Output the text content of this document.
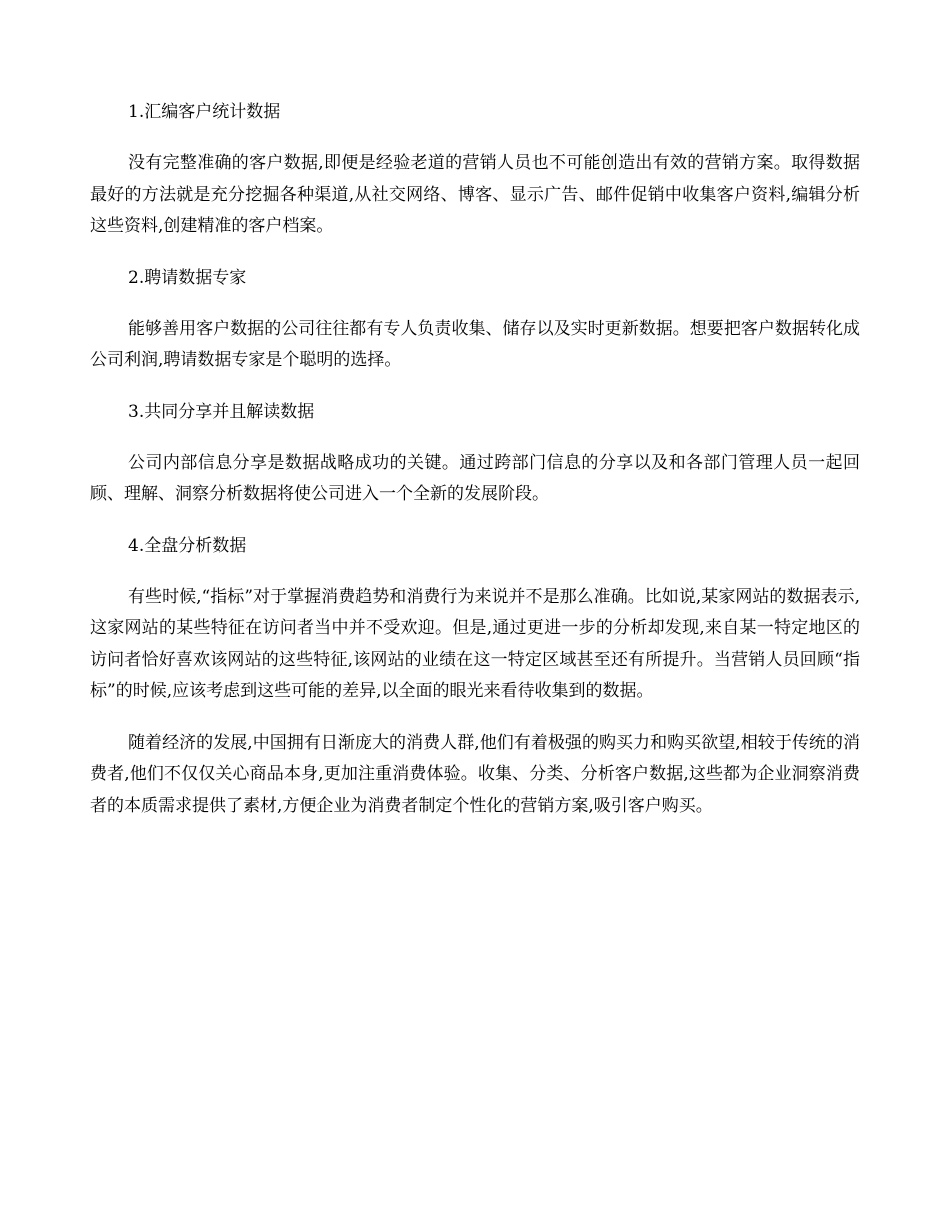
1.汇编客户统计数据

没有完整准确的客户数据,即便是经验老道的营销人员也不可能创造出有效的营销方案。取得数据最好的方法就是充分挖掘各种渠道,从社交网络、博客、显示广告、邮件促销中收集客户资料,编辑分析这些资料,创建精准的客户档案。

2.聘请数据专家

能够善用客户数据的公司往往都有专人负责收集、储存以及实时更新数据。想要把客户数据转化成公司利润,聘请数据专家是个聪明的选择。

3.共同分享并且解读数据

公司内部信息分享是数据战略成功的关键。通过跨部门信息的分享以及和各部门管理人员一起回顾、理解、洞察分析数据将使公司进入一个全新的发展阶段。

4.全盘分析数据

有些时候,“指标”对于掌握消费趋势和消费行为来说并不是那么准确。比如说,某家网站的数据表示,这家网站的某些特征在访问者当中并不受欢迎。但是,通过更进一步的分析却发现,来自某一特定地区的访问者恰好喜欢该网站的这些特征,该网站的业绩在这一特定区域甚至还有所提升。当营销人员回顾“指标”的时候,应该考虑到这些可能的差异,以全面的眼光来看待收集到的数据。

随着经济的发展,中国拥有日渐庞大的消费人群,他们有着极强的购买力和购买欲望,相较于传统的消费者,他们不仅仅关心商品本身,更加注重消费体验。收集、分类、分析客户数据,这些都为企业洞察消费者的本质需求提供了素材,方便企业为消费者制定个性化的营销方案,吸引客户购买。
